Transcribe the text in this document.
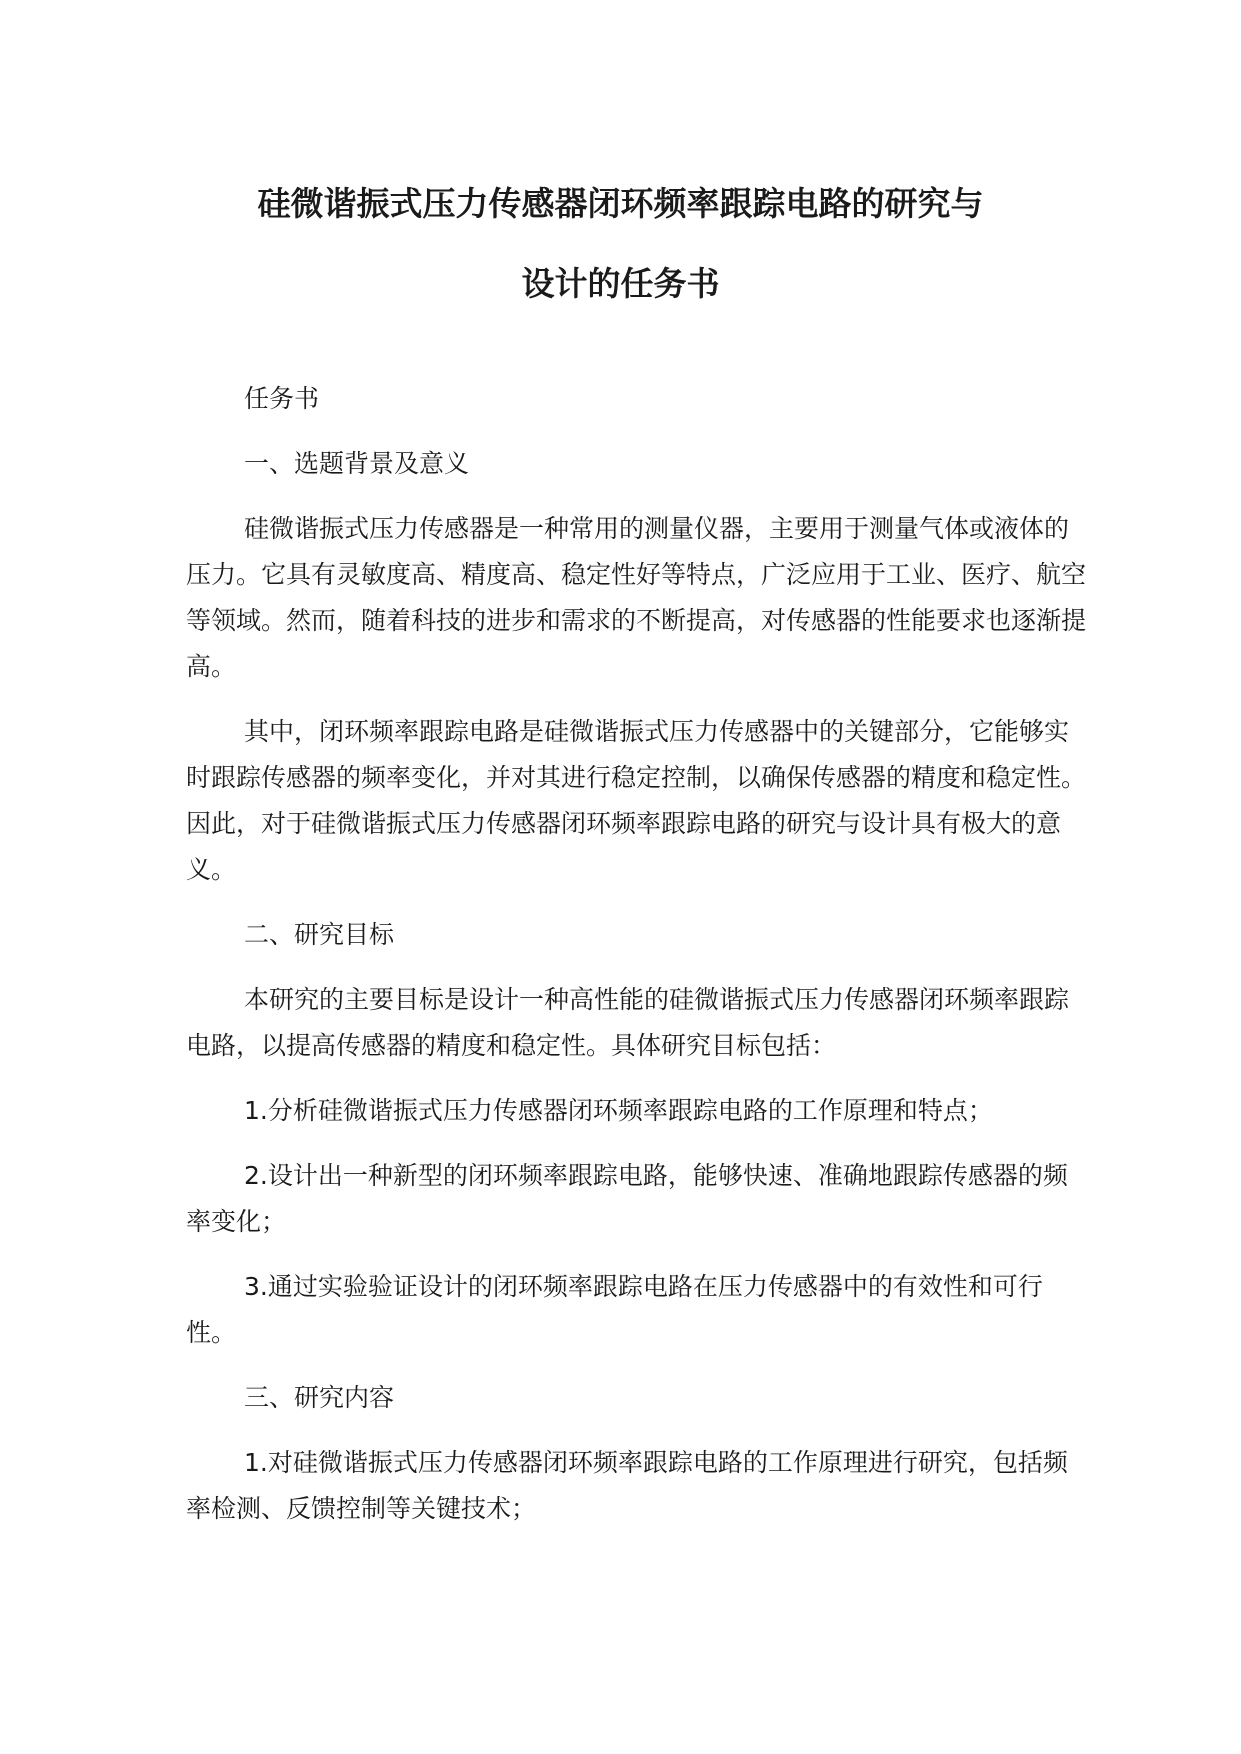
硅微谐振式压力传感器闭环频率跟踪电路的研究与
设计的任务书

任务书

一、选题背景及意义

硅微谐振式压力传感器是一种常用的测量仪器，主要用于测量气体或液体的压力。它具有灵敏度高、精度高、稳定性好等特点，广泛应用于工业、医疗、航空等领域。然而，随着科技的进步和需求的不断提高，对传感器的性能要求也逐渐提高。

其中，闭环频率跟踪电路是硅微谐振式压力传感器中的关键部分，它能够实时跟踪传感器的频率变化，并对其进行稳定控制，以确保传感器的精度和稳定性。因此，对于硅微谐振式压力传感器闭环频率跟踪电路的研究与设计具有极大的意义。

二、研究目标

本研究的主要目标是设计一种高性能的硅微谐振式压力传感器闭环频率跟踪电路，以提高传感器的精度和稳定性。具体研究目标包括：

1.分析硅微谐振式压力传感器闭环频率跟踪电路的工作原理和特点；

2.设计出一种新型的闭环频率跟踪电路，能够快速、准确地跟踪传感器的频率变化；

3.通过实验验证设计的闭环频率跟踪电路在压力传感器中的有效性和可行性。

三、研究内容

1.对硅微谐振式压力传感器闭环频率跟踪电路的工作原理进行研究，包括频率检测、反馈控制等关键技术；
